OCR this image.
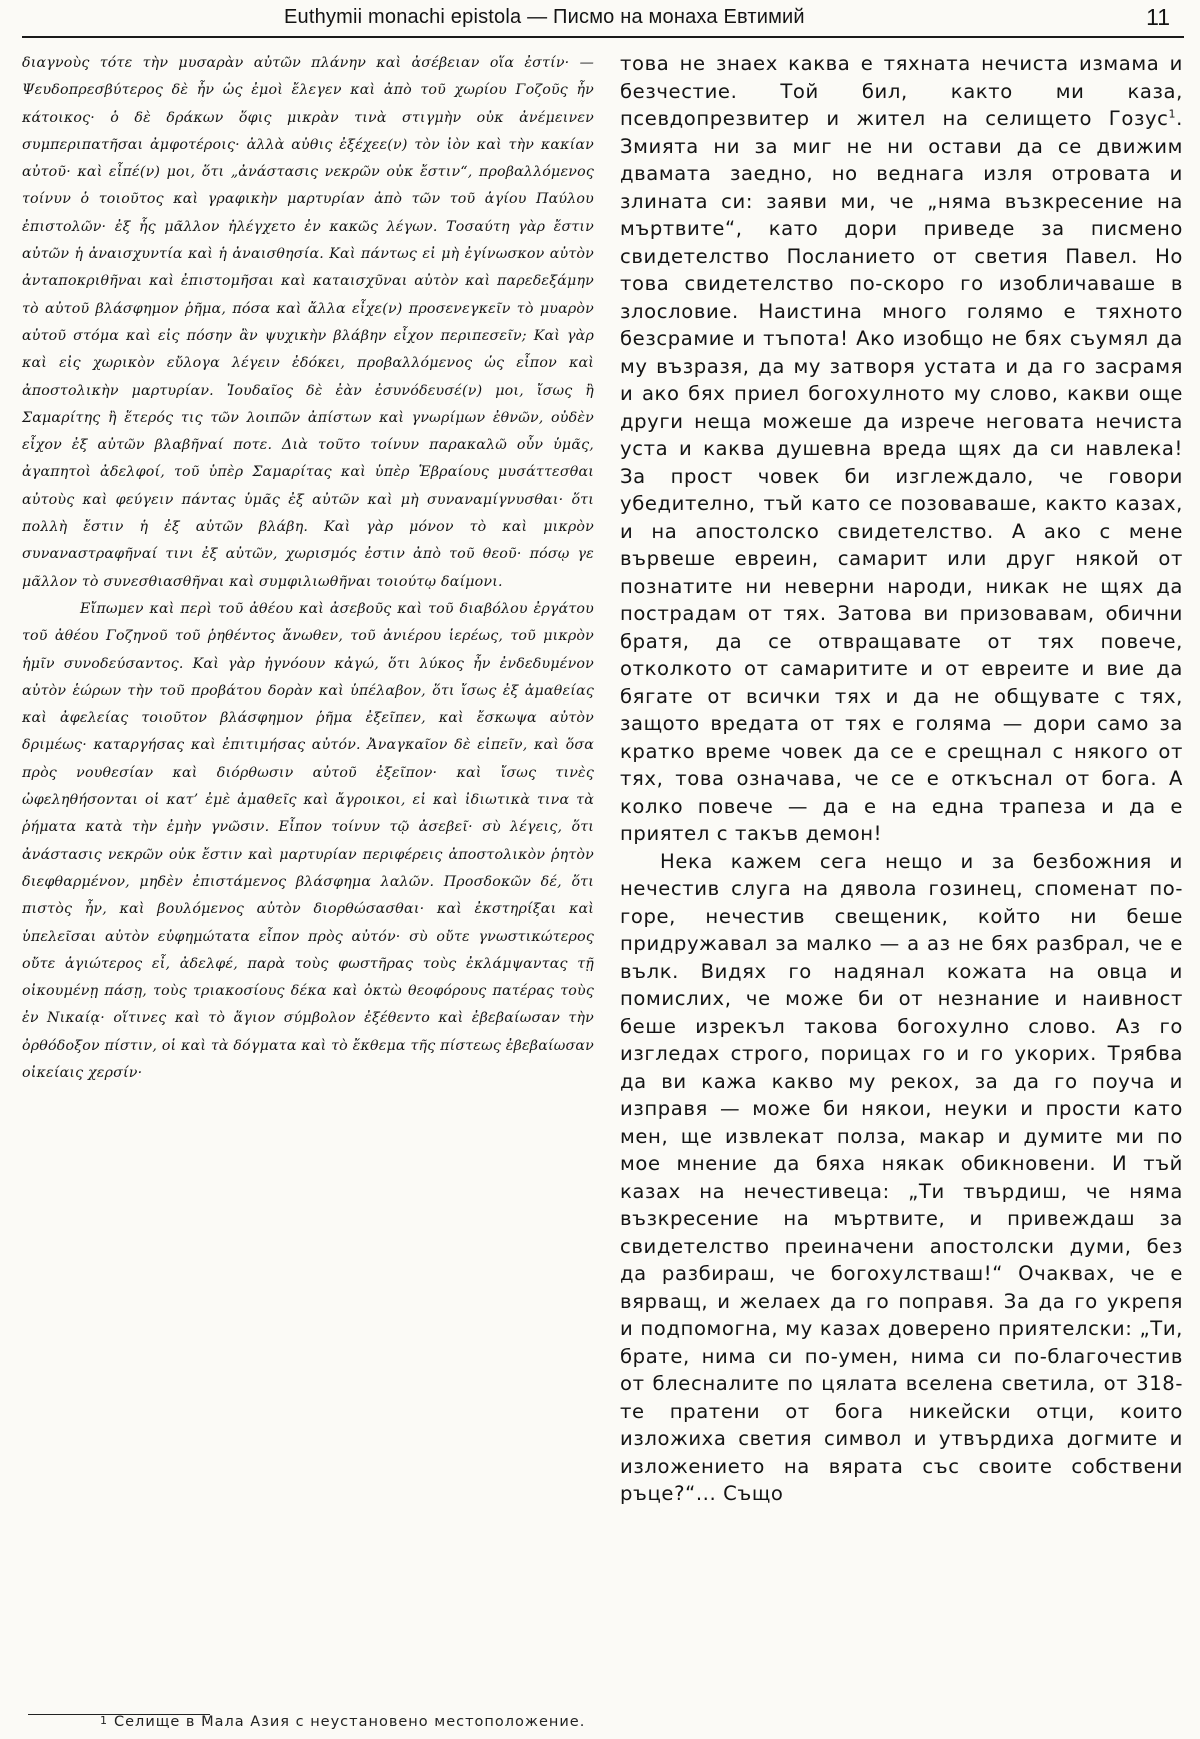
Euthymii monachi epistola — Писмо на монаха Евтимий	11

διαγνοὺς τότε τὴν μυσαρὰν αὐτῶν πλάνην καὶ ἀσέβειαν οἵα ἐστίν· — Ψευδοπρεσβύτερος δὲ ἦν ὡς ἐμοὶ ἔλεγεν καὶ ἀπὸ τοῦ χωρίου Γοζοῦς ἦν κάτοικος· ὁ δὲ δράκων ὅφις μικρὰν τινὰ στιγμὴν οὐκ ἀνέμεινεν συμπεριπατῆσαι ἀμφοτέροις· ἀλλὰ αὐθις ἐξέχεε(ν) τὸν ἰὸν καὶ τὴν κακίαν αὐτοῦ· καὶ εἶπέ(ν) μοι, ὅτι „ἀνάστασις νεκρῶν οὐκ ἔστιν“, προβαλλόμενος τοίνυν ὁ τοιοῦτος καὶ γραφικὴν μαρτυρίαν ἀπὸ τῶν τοῦ ἁγίου Παύλου ἐπιστολῶν· ἐξ ἧς μᾶλλον ἠλέγχετο ἐν κακῶς λέγων. Τοσαύτη γὰρ ἔστιν αὐτῶν ἡ ἀναισχυντία καὶ ἡ ἀναισθησία. Καὶ πάντως εἰ μὴ ἐγίνωσκον αὐτὸν ἀνταποκριθῆναι καὶ ἐπιστομῆσαι καὶ καταισχῦναι αὐτὸν καὶ παρεδεξάμην τὸ αὐτοῦ βλάσφημον ῥῆμα, πόσα καὶ ἄλλα εἶχε(ν) προσενεγκεῖν τὸ μυαρὸν αὐτοῦ στόμα καὶ εἰς πόσην ἂν ψυχικὴν βλάβην εἶχον περιπεσεῖν; Καὶ γὰρ καὶ εἰς χωρικὸν εὔλογα λέγειν ἐδόκει, προβαλλόμενος ὡς εἶπον καὶ ἀποστολικὴν μαρτυρίαν. Ἰουδαῖος δὲ ἐὰν ἐσυνόδευσέ(ν) μοι, ἴσως ἢ Σαμαρίτης ἢ ἕτερός τις τῶν λοιπῶν ἀπίστων καὶ γνωρίμων ἐθνῶν, οὐδὲν εἶχον ἐξ αὐτῶν βλαβῆναί ποτε. Διὰ τοῦτο τοίνυν παρακαλῶ οὖν ὑμᾶς, ἀγαπητοὶ ἀδελφοί, τοῦ ὑπὲρ Σαμαρίτας καὶ ὑπὲρ Ἑβραίους μυσάττεσθαι αὐτοὺς καὶ φεύγειν πάντας ὑμᾶς ἐξ αὐτῶν καὶ μὴ συναναμίγνυσθαι· ὅτι πολλὴ ἔστιν ἡ ἐξ αὐτῶν βλάβη. Καὶ γὰρ μόνον τὸ καὶ μικρὸν συναναστραφῆναί τινι ἐξ αὐτῶν, χωρισμός ἐστιν ἀπὸ τοῦ θεοῦ· πόσῳ γε μᾶλλον τὸ συνεσθιασθῆναι καὶ συμφιλιωθῆναι τοιούτῳ δαίμονι.

Εἴπωμεν καὶ περὶ τοῦ ἀθέου καὶ ἀσεβοῦς καὶ τοῦ διαβόλου ἐργάτου τοῦ ἀθέου Γοζηνοῦ τοῦ ῥηθέντος ἄνωθεν, τοῦ ἀνιέρου ἱερέως, τοῦ μικρὸν ἡμῖν συνοδεύσαντος. Καὶ γὰρ ἠγνόουν κἀγώ, ὅτι λύκος ἦν ἐνδεδυμένον αὐτὸν ἑώρων τὴν τοῦ προβάτου δορὰν καὶ ὑπέλαβον, ὅτι ἴσως ἐξ ἀμαθείας καὶ ἀφελείας τοιοῦτον βλάσφημον ῥῆμα ἐξεῖπεν, καὶ ἔσκωψα αὐτὸν δριμέως· καταργήσας καὶ ἐπιτιμήσας αὐτόν. Ἀναγκαῖον δὲ εἰπεῖν, καὶ ὅσα πρὸς νουθεσίαν καὶ διόρθωσιν αὐτοῦ ἐξεῖπον· καὶ ἴσως τινὲς ὠφεληθήσονται οἱ κατ’ ἐμὲ ἀμαθεῖς καὶ ἄγροικοι, εἰ καὶ ἰδιωτικὰ τινα τὰ ῥήματα κατὰ τὴν ἐμὴν γνῶσιν. Εἶπον τοίνυν τῷ ἀσεβεῖ· σὺ λέγεις, ὅτι ἀνάστασις νεκρῶν οὐκ ἔστιν καὶ μαρτυρίαν περιφέρεις ἀποστολικὸν ῥητὸν διεφθαρμένον, μηδὲν ἐπιστάμενος βλάσφημα λαλῶν. Προσδοκῶν δέ, ὅτι πιστὸς ἦν, καὶ βουλόμενος αὐτὸν διορθώσασθαι· καὶ ἐκστηρίξαι καὶ ὑπελεῖσαι αὐτὸν εὐφημώτατα εἶπον πρὸς αὐτόν· σὺ οὔτε γνωστικώτερος οὔτε ἁγιώτερος εἶ, ἀδελφέ, παρὰ τοὺς φωστῆρας τοὺς ἐκλάμψαντας τῇ οἰκουμένῃ πάσῃ, τοὺς τριακοσίους δέκα καὶ ὀκτὼ θεοφόρους πατέρας τοὺς ἐν Νικαίᾳ· οἵτινες καὶ τὸ ἅγιον σύμβολον ἐξέθεντο καὶ ἐβεβαίωσαν τὴν ὀρθόδοξον πίστιν, οἱ καὶ τὰ δόγματα καὶ τὸ ἔκθεμα τῆς πίστεως ἐβεβαίωσαν οἰκείαις χερσίν·

това не знаех каква е тяхната нечиста измама и безчестие. Той бил, както ми каза, псевдопрезвитер и жител на селището Гозус$^1$. Змията ни за миг не ни остави да се движим двамата заедно, но веднага изля отровата и злината си: заяви ми, че „няма възкресение на мъртвите“, като дори приведе за писмено свидетелство Посланието от светия Павел. Но това свидетелство по-скоро го изобличаваше в злословие. Наистина много голямо е тяхното безсрамие и тъпота! Ако изобщо не бях съумял да му възразя, да му затворя устата и да го засрамя и ако бях приел богохулното му слово, какви още други неща можеше да изрече неговата нечиста уста и каква душевна вреда щях да си навлека! За прост човек би изглеждало, че говори убедително, тъй като се позоваваше, както казах, и на апостолско свидетелство. А ако с мене вървеше евреин, самарит или друг някой от познатите ни неверни народи, никак не щях да пострадам от тях. Затова ви призовавам, обични братя, да се отвращавате от тях повече, отколкото от самаритите и от евреите и вие да бягате от всички тях и да не общувате с тях, защото вредата от тях е голяма — дори само за кратко време човек да се е срещнал с някого от тях, това означава, че се е откъснал от бога. А колко повече — да е на една трапеза и да е приятел с такъв демон!

Нека кажем сега нещо и за безбожния и нечестив слуга на дявола гозинец, споменат по-горе, нечестив свещеник, който ни беше придружавал за малко — а аз не бях разбрал, че е вълк. Видях го надянал кожата на овца и помислих, че може би от незнание и наивност беше изрекъл такова богохулно слово. Аз го изгледах строго, порицах го и го укорих. Трябва да ви кажа какво му рекох, за да го поуча и изправя — може би някои, неуки и прости като мен, ще извлекат полза, макар и думите ми по мое мнение да бяха някак обикновени. И тъй казах на нечестивеца: „Ти твърдиш, че няма възкресение на мъртвите, и привеждаш за свидетелство преиначени апостолски думи, без да разбираш, че богохулстваш!“ Очаквах, че е вярващ, и желаех да го поправя. За да го укрепя и подпомогна, му казах доверено приятелски: „Ти, брате, нима си по-умен, нима си по-благочестив от блесналите по цялата вселена светила, от 318-те пратени от бога никейски отци, които изложиха светия символ и утвърдиха догмите и изложението на вярата със своите собствени ръце?“... Също

$^1$ Селище в Мала Азия с неустановено местоположение.
